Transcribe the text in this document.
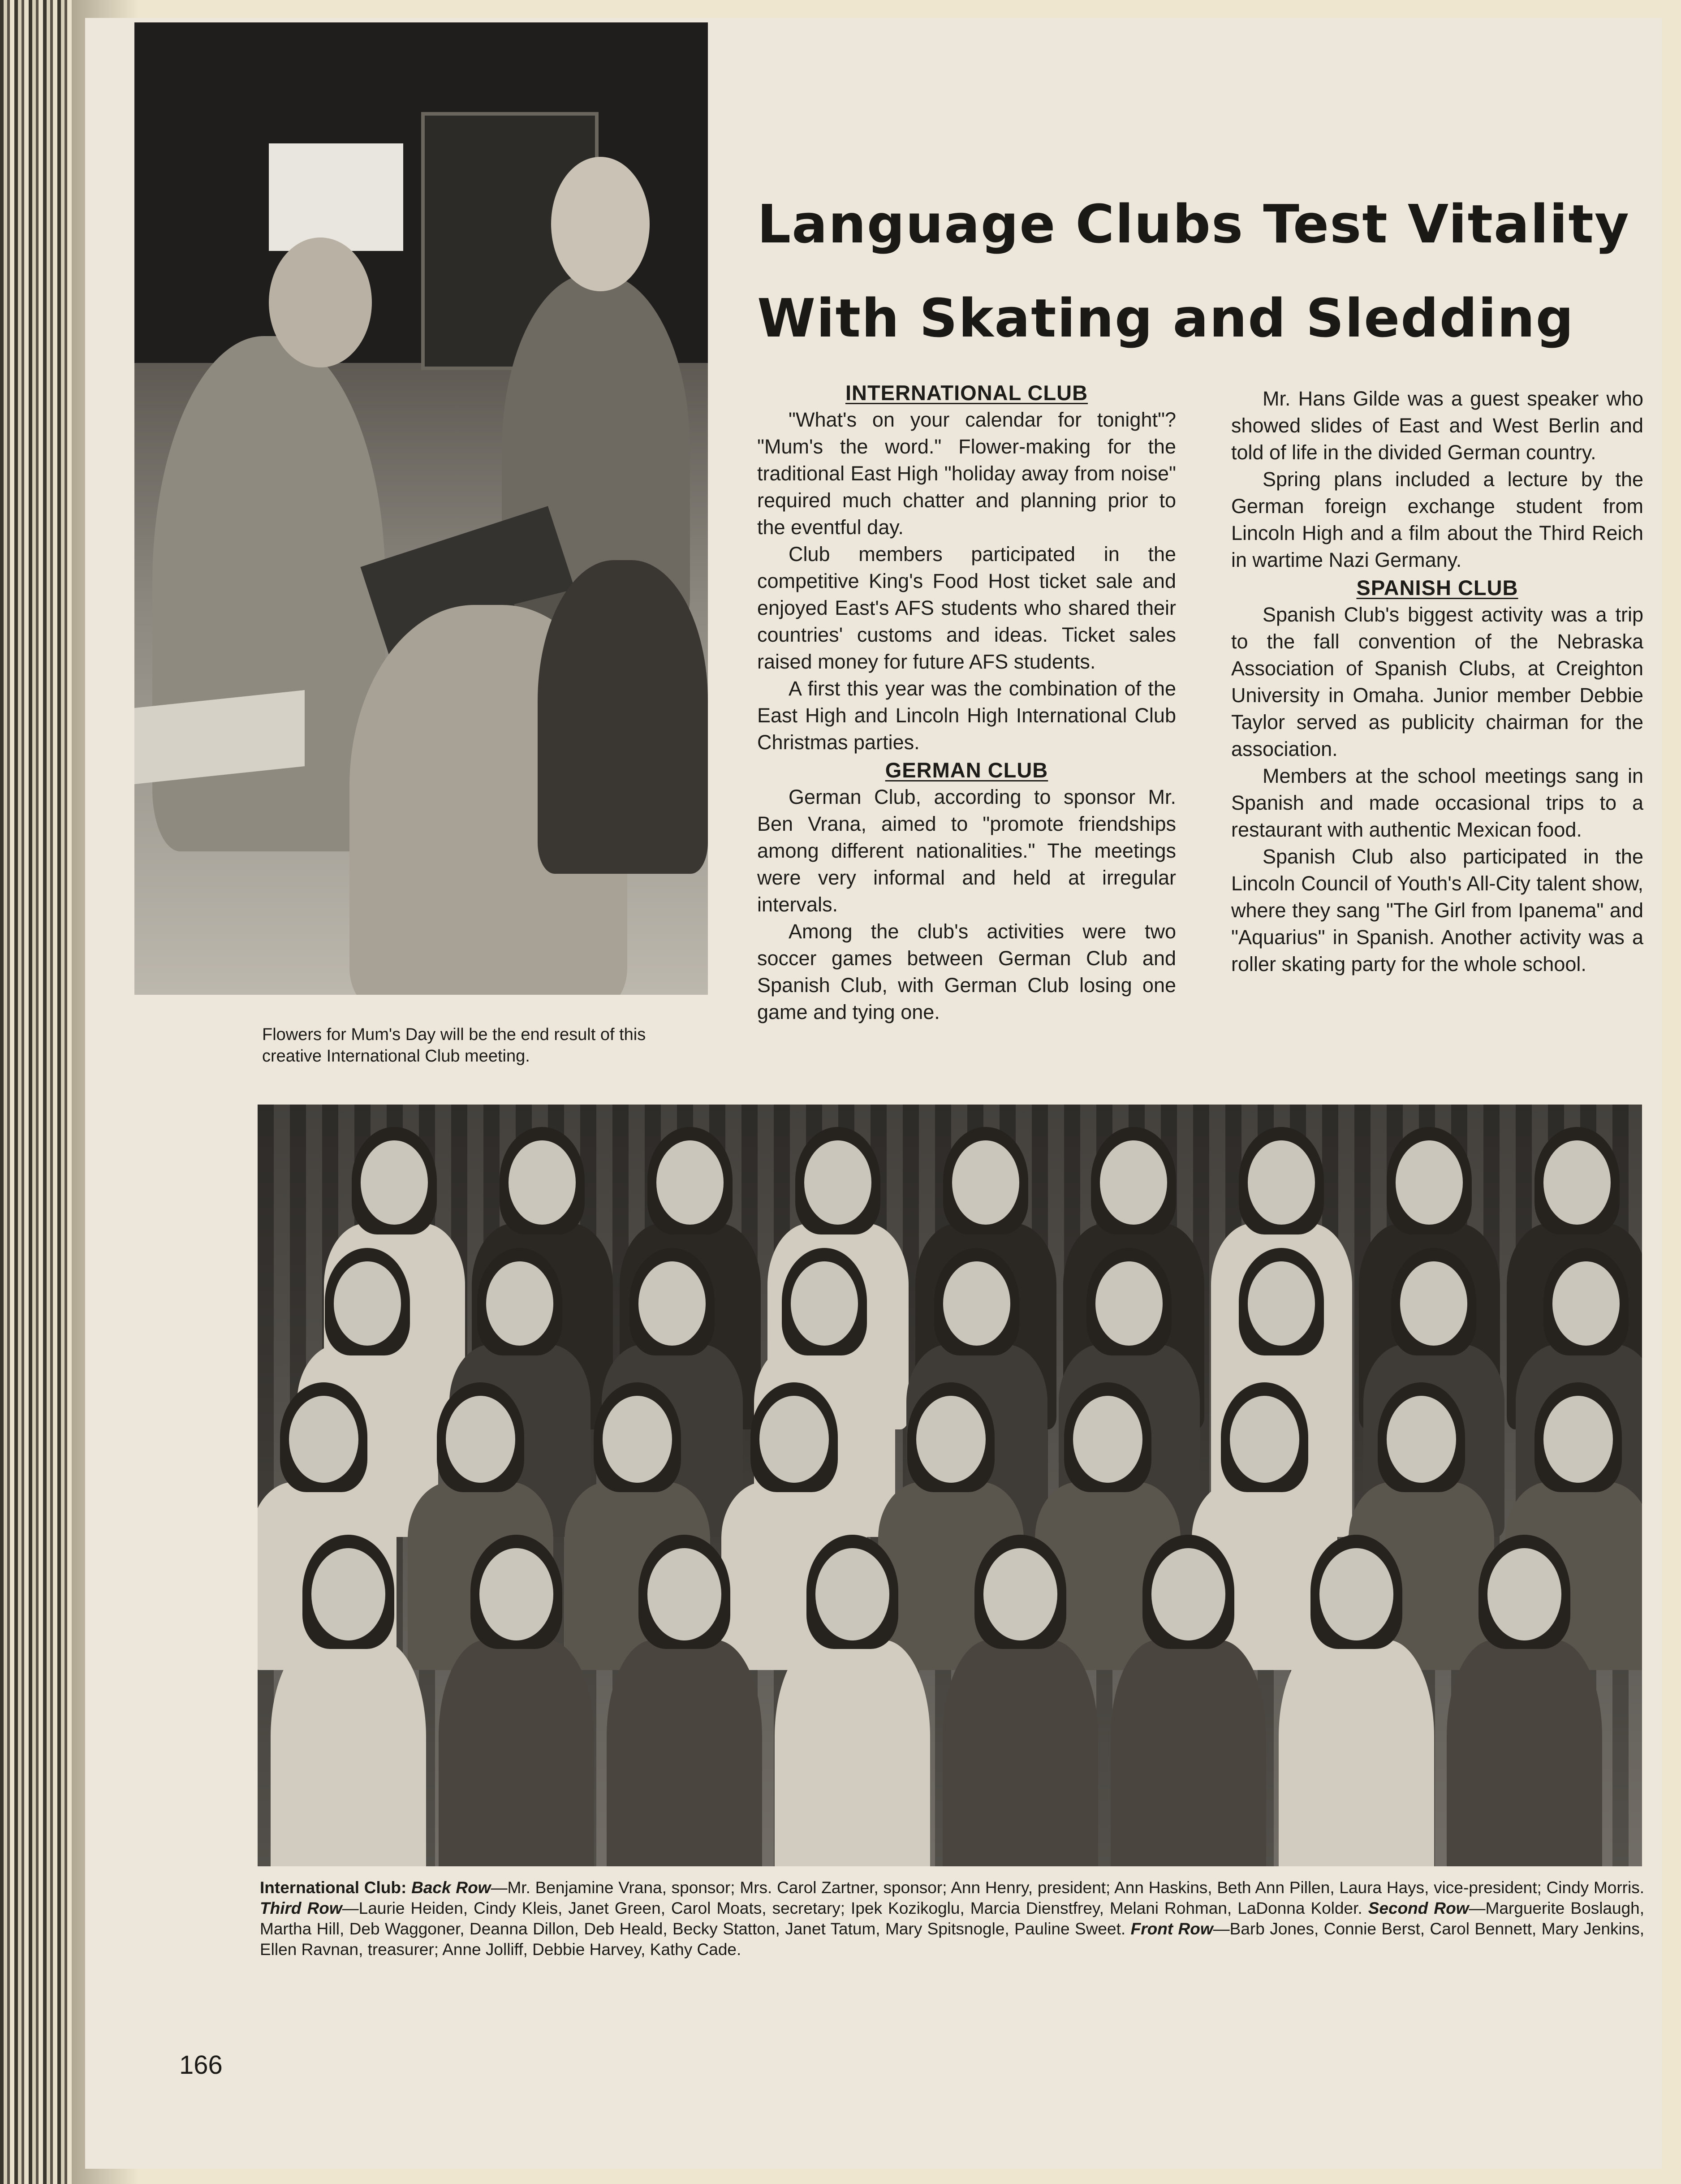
Language Clubs Test Vitality
With Skating and Sledding
INTERNATIONAL CLUB

"What's on your calendar for tonight"? "Mum's the word." Flower-making for the traditional East High "holiday away from noise" required much chatter and planning prior to the eventful day.

Club members participated in the competitive King's Food Host ticket sale and enjoyed East's AFS students who shared their countries' customs and ideas. Ticket sales raised money for future AFS students.

A first this year was the combination of the East High and Lincoln High International Club Christmas parties.

GERMAN CLUB

German Club, according to sponsor Mr. Ben Vrana, aimed to "promote friendships among different nationalities." The meetings were very informal and held at irregular intervals.

Among the club's activities were two soccer games between German Club and Spanish Club, with German Club losing one game and tying one.

Mr. Hans Gilde was a guest speaker who showed slides of East and West Berlin and told of life in the divided German country.

Spring plans included a lecture by the German foreign exchange student from Lincoln High and a film about the Third Reich in wartime Nazi Germany.

SPANISH CLUB

Spanish Club's biggest activity was a trip to the fall convention of the Nebraska Association of Spanish Clubs, at Creighton University in Omaha. Junior member Debbie Taylor served as publicity chairman for the association.

Members at the school meetings sang in Spanish and made occasional trips to a restaurant with authentic Mexican food.

Spanish Club also participated in the Lincoln Council of Youth's All-City talent show, where they sang "The Girl from Ipanema" and "Aquarius" in Spanish. Another activity was a roller skating party for the whole school.

Flowers for Mum's Day will be the end result of this creative International Club meeting.
International Club: Back Row—Mr. Benjamine Vrana, sponsor; Mrs. Carol Zartner, sponsor; Ann Henry, president; Ann Haskins, Beth Ann Pillen, Laura Hays, vice-president; Cindy Morris. Third Row—Laurie Heiden, Cindy Kleis, Janet Green, Carol Moats, secretary; Ipek Kozikoglu, Marcia Dienstfrey, Melani Rohman, LaDonna Kolder. Second Row—Marguerite Boslaugh, Martha Hill, Deb Waggoner, Deanna Dillon, Deb Heald, Becky Statton, Janet Tatum, Mary Spitsnogle, Pauline Sweet. Front Row—Barb Jones, Connie Berst, Carol Bennett, Mary Jenkins, Ellen Ravnan, treasurer; Anne Jolliff, Debbie Harvey, Kathy Cade.
166
